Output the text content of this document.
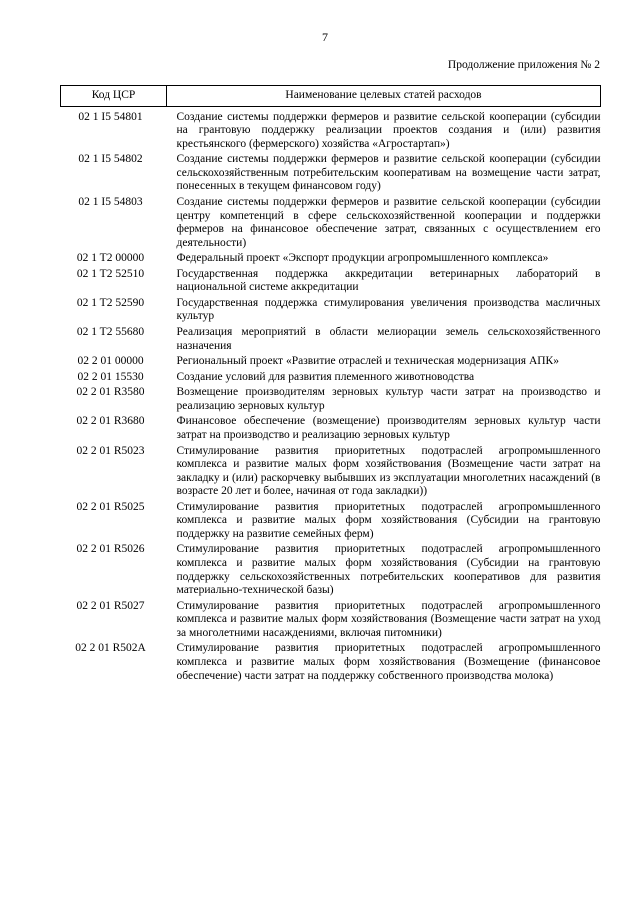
7
Продолжение приложения № 2
Код ЦСР	Наименование целевых статей расходов
02 1 I5 54801	Создание системы поддержки фермеров и развитие сельской кооперации (субсидии на грантовую поддержку реализации проектов создания и (или) развития крестьянского (фермерского) хозяйства «Агростартап»)
02 1 I5 54802	Создание системы поддержки фермеров и развитие сельской кооперации (субсидии сельскохозяйственным потребительским кооперативам на возмещение части затрат, понесенных в текущем финансовом году)
02 1 I5 54803	Создание системы поддержки фермеров и развитие сельской кооперации (субсидии центру компетенций в сфере сельскохозяйственной кооперации и поддержки фермеров на финансовое обеспечение затрат, связанных с осуществлением его деятельности)
02 1 T2 00000	Федеральный проект «Экспорт продукции агропромышленного комплекса»
02 1 T2 52510	Государственная поддержка аккредитации ветеринарных лабораторий в национальной системе аккредитации
02 1 T2 52590	Государственная поддержка стимулирования увеличения производства масличных культур
02 1 T2 55680	Реализация мероприятий в области мелиорации земель сельскохозяйственного назначения
02 2 01 00000	Региональный проект «Развитие отраслей и техническая модернизация АПК»
02 2 01 15530	Создание условий для развития племенного животноводства
02 2 01 R3580	Возмещение производителям зерновых культур части затрат на производство и реализацию зерновых культур
02 2 01 R3680	Финансовое обеспечение (возмещение) производителям зерновых культур части затрат на производство и реализацию зерновых культур
02 2 01 R5023	Стимулирование развития приоритетных подотраслей агропромышленного комплекса и развитие малых форм хозяйствования (Возмещение части затрат на закладку и (или) раскорчевку выбывших из эксплуатации многолетних насаждений (в возрасте 20 лет и более, начиная от года закладки))
02 2 01 R5025	Стимулирование развития приоритетных подотраслей агропромышленного комплекса и развитие малых форм хозяйствования (Субсидии на грантовую поддержку на развитие семейных ферм)
02 2 01 R5026	Стимулирование развития приоритетных подотраслей агропромышленного комплекса и развитие малых форм хозяйствования (Субсидии на грантовую поддержку сельскохозяйственных потребительских кооперативов для развития материально-технической базы)
02 2 01 R5027	Стимулирование развития приоритетных подотраслей агропромышленного комплекса и развитие малых форм хозяйствования (Возмещение части затрат на уход за многолетними насаждениями, включая питомники)
02 2 01 R502A	Стимулирование развития приоритетных подотраслей агропромышленного комплекса и развитие малых форм хозяйствования (Возмещение (финансовое обеспечение) части затрат на поддержку собственного производства молока)
